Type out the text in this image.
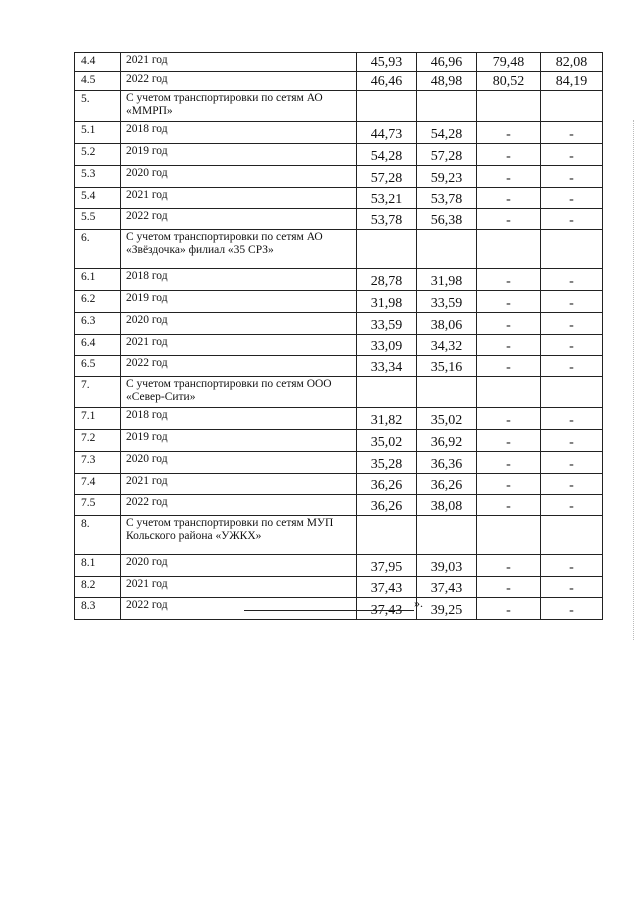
4.4	2021 год	45,93	46,96	79,48	82,08
4.5	2022 год	46,46	48,98	80,52	84,19
5.	С учетом транспортировки по сетям АО «ММРП»				
5.1	2018 год	44,73	54,28	-	-
5.2	2019 год	54,28	57,28	-	-
5.3	2020 год	57,28	59,23	-	-
5.4	2021 год	53,21	53,78	-	-
5.5	2022 год	53,78	56,38	-	-
6.	С учетом транспортировки по сетям АО «Звёздочка» филиал «35 СРЗ»				
6.1	2018 год	28,78	31,98	-	-
6.2	2019 год	31,98	33,59	-	-
6.3	2020 год	33,59	38,06	-	-
6.4	2021 год	33,09	34,32	-	-
6.5	2022 год	33,34	35,16	-	-
7.	С учетом транспортировки по сетям ООО «Север-Сити»				
7.1	2018 год	31,82	35,02	-	-
7.2	2019 год	35,02	36,92	-	-
7.3	2020 год	35,28	36,36	-	-
7.4	2021 год	36,26	36,26	-	-
7.5	2022 год	36,26	38,08	-	-
8.	С учетом транспортировки по сетям МУП Кольского района «УЖКХ»				
8.1	2020 год	37,95	39,03	-	-
8.2	2021 год	37,43	37,43	-	-
8.3	2022 год	37,43	39,25	-	-
».
